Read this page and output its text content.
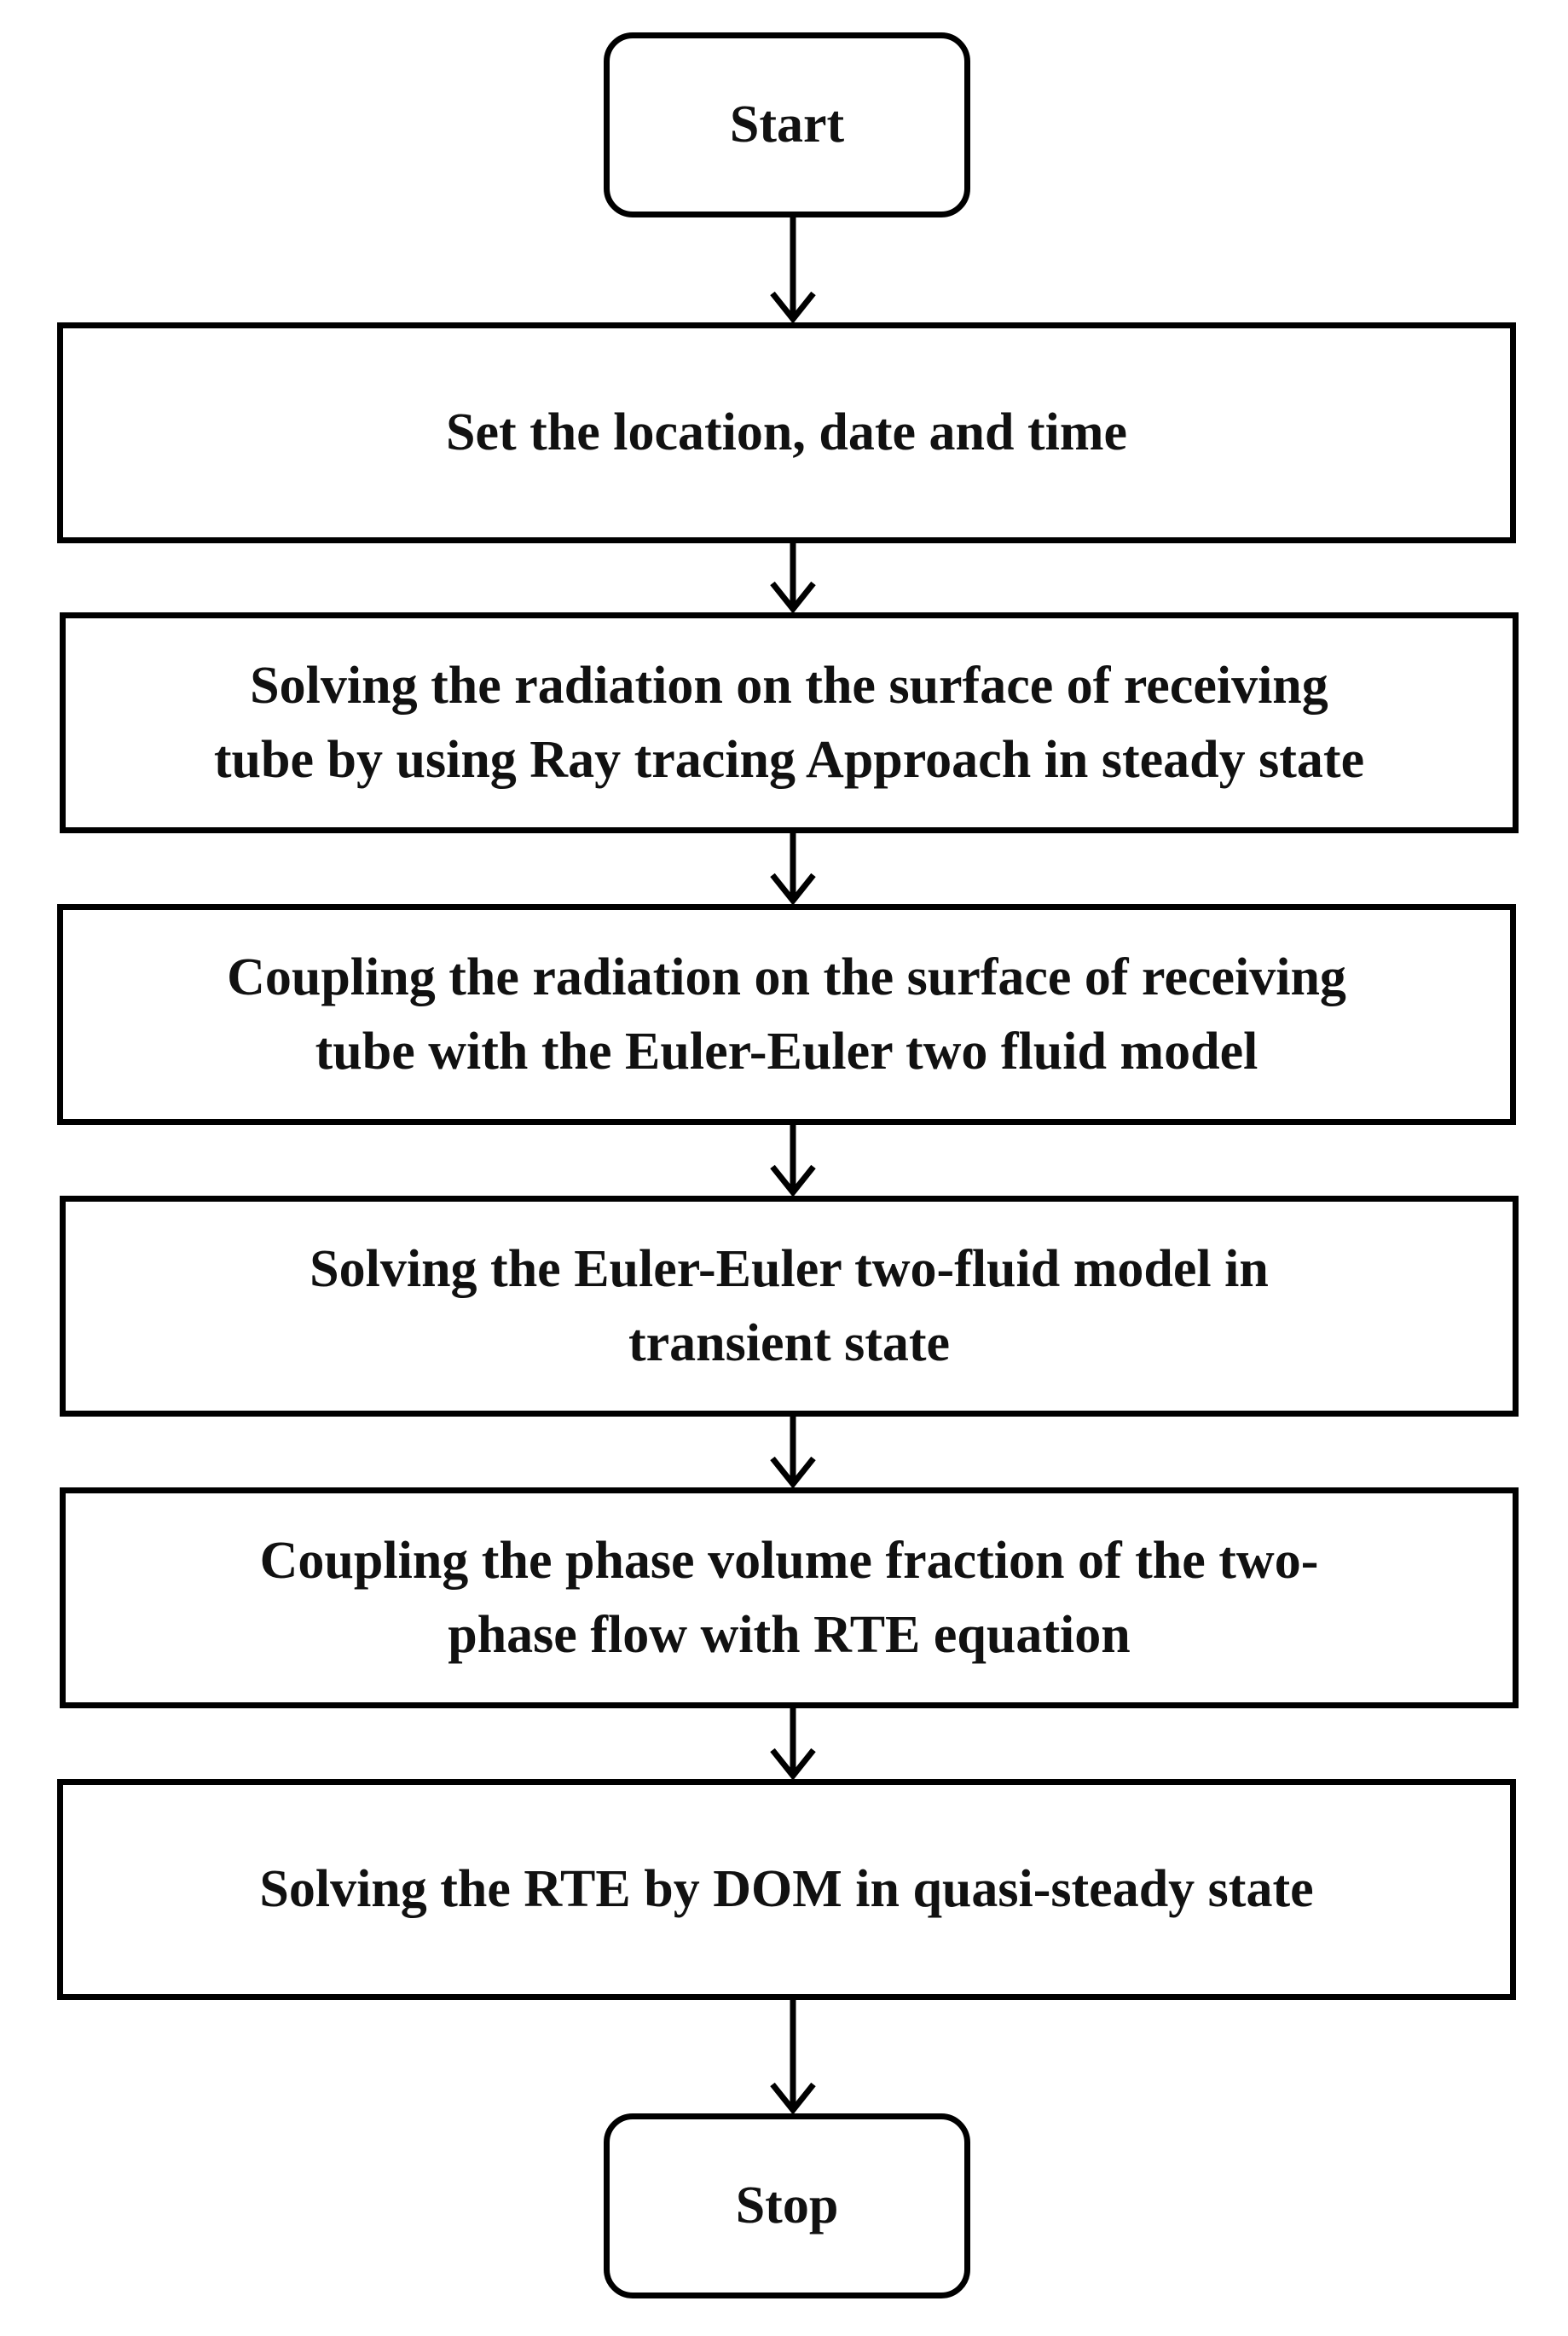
Start
Set the location, date and time
Solving the radiation on the surface of receiving
tube by using Ray tracing Approach in steady state
Coupling the radiation on the surface of receiving
tube with the Euler-Euler two fluid model
Solving the Euler-Euler two-fluid model in
transient state
Coupling the phase volume fraction of the two-
phase flow with RTE equation
Solving the RTE by DOM in quasi-steady state
Stop
